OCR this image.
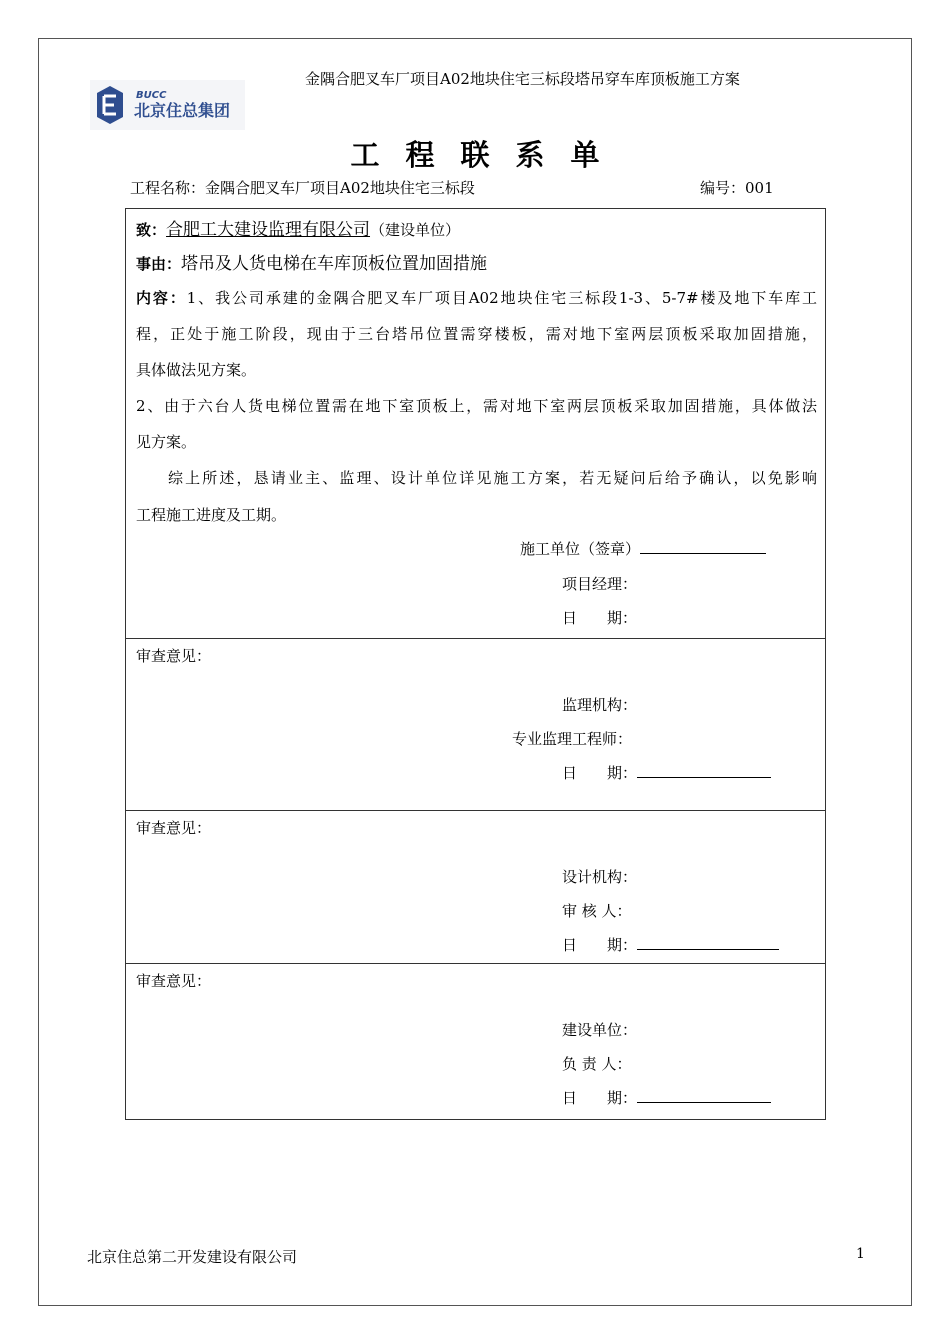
BUCC
北京住总集团
金隅合肥叉车厂项目A02地块住宅三标段塔吊穿车库顶板施工方案
工程联系单
工程名称：金隅合肥叉车厂项目A02地块住宅三标段	编号：001
致：合肥工大建设监理有限公司（建设单位）
事由：塔吊及人货电梯在车库顶板位置加固措施
内容：1、我公司承建的金隅合肥叉车厂项目A02地块住宅三标段1-3、5-7#楼及地下车库工
程，正处于施工阶段，现由于三台塔吊位置需穿楼板，需对地下室两层顶板采取加固措施，
具体做法见方案。
2、由于六台人货电梯位置需在地下室顶板上，需对地下室两层顶板采取加固措施，具体做法
见方案。
综上所述，恳请业主、监理、设计单位详见施工方案，若无疑问后给予确认，以免影响
工程施工进度及工期。
施工单位（签章）
项目经理：
日　　期：
审查意见：
监理机构：
专业监理工程师：
日　　期：
审查意见：
设计机构：
审 核 人：
日　　期：
审查意见：
建设单位：
负 责 人：
日　　期：
北京住总第二开发建设有限公司	1
